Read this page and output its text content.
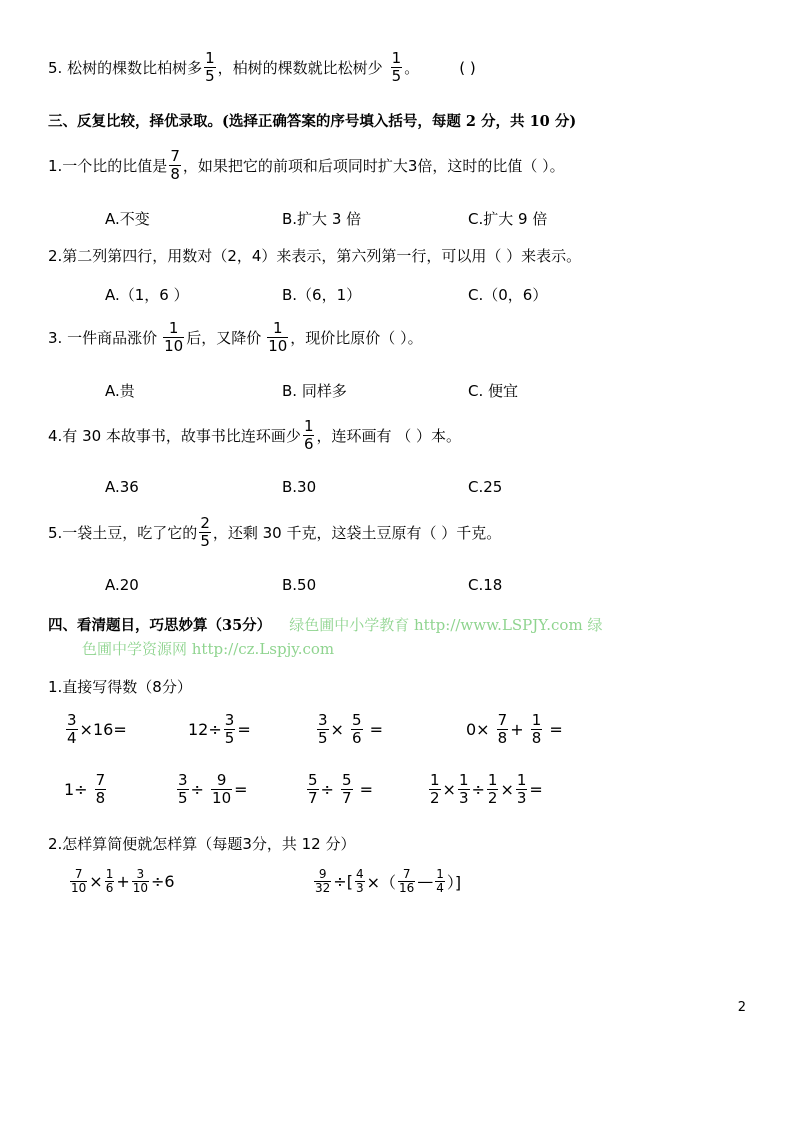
5. 松树的棵数比柏树多 $\frac{1}{5}$ ，柏树的棵数就比松树少 $\frac{1}{5}$ 。	( )
三、反复比较，择优录取。(选择正确答案的序号填入括号，每题 2 分，共 10 分)
1.一个比的比值是 $\frac{7}{8}$ ，如果把它的前项和后项同时扩大3倍，这时的比值（ ）。
A.不变	B.扩大 3 倍	C.扩大 9 倍
2.第二列第四行，用数对（2，4）来表示，第六列第一行，可以用（ ）来表示。
A.（1，6 ）	B.（6，1）	C.（0，6）
3. 一件商品涨价 $\frac{1}{10}$ 后，又降价 $\frac{1}{10}$ ，现价比原价（ ）。
A.贵	B. 同样多	C. 便宜
4.有 30 本故事书，故事书比连环画少 $\frac{1}{6}$ ，连环画有 （ ）本。
A.36	B.30	C.25
5.一袋土豆，吃了它的 $\frac{2}{5}$ ，还剩 30 千克，这袋土豆原有（ ）千克。
A.20	B.50	C.18
四、看清题目，巧思妙算（35分） 绿色圃中小学教育 http://www.LSPJY.com 绿
色圃中学资源网 http://cz.Lspjy.com
1.直接写得数（8分）
$\frac{3}{4} \times 16=$	$12\div \frac{3}{5}$ =	$\frac{3}{5} \times \frac{5}{6}$ =	$0\times \frac{7}{8} + \frac{1}{8}$ =
$1\div \frac{7}{8}$	$\frac{3}{5} \div \frac{9}{10}$ =	$\frac{5}{7} \div \frac{5}{7}$ =	$\frac{1}{2} \times \frac{1}{3} \div \frac{1}{2} \times \frac{1}{3}$ =
2.怎样算简便就怎样算（每题3分，共 12 分）
$\frac{7}{10} \times \frac{1}{6} + \frac{3}{10} \div 6$	$\frac{9}{32}$ ÷[ $\frac{4}{3}$ ×（ $\frac{7}{16}$ — $\frac{1}{4}$ ）]
2
